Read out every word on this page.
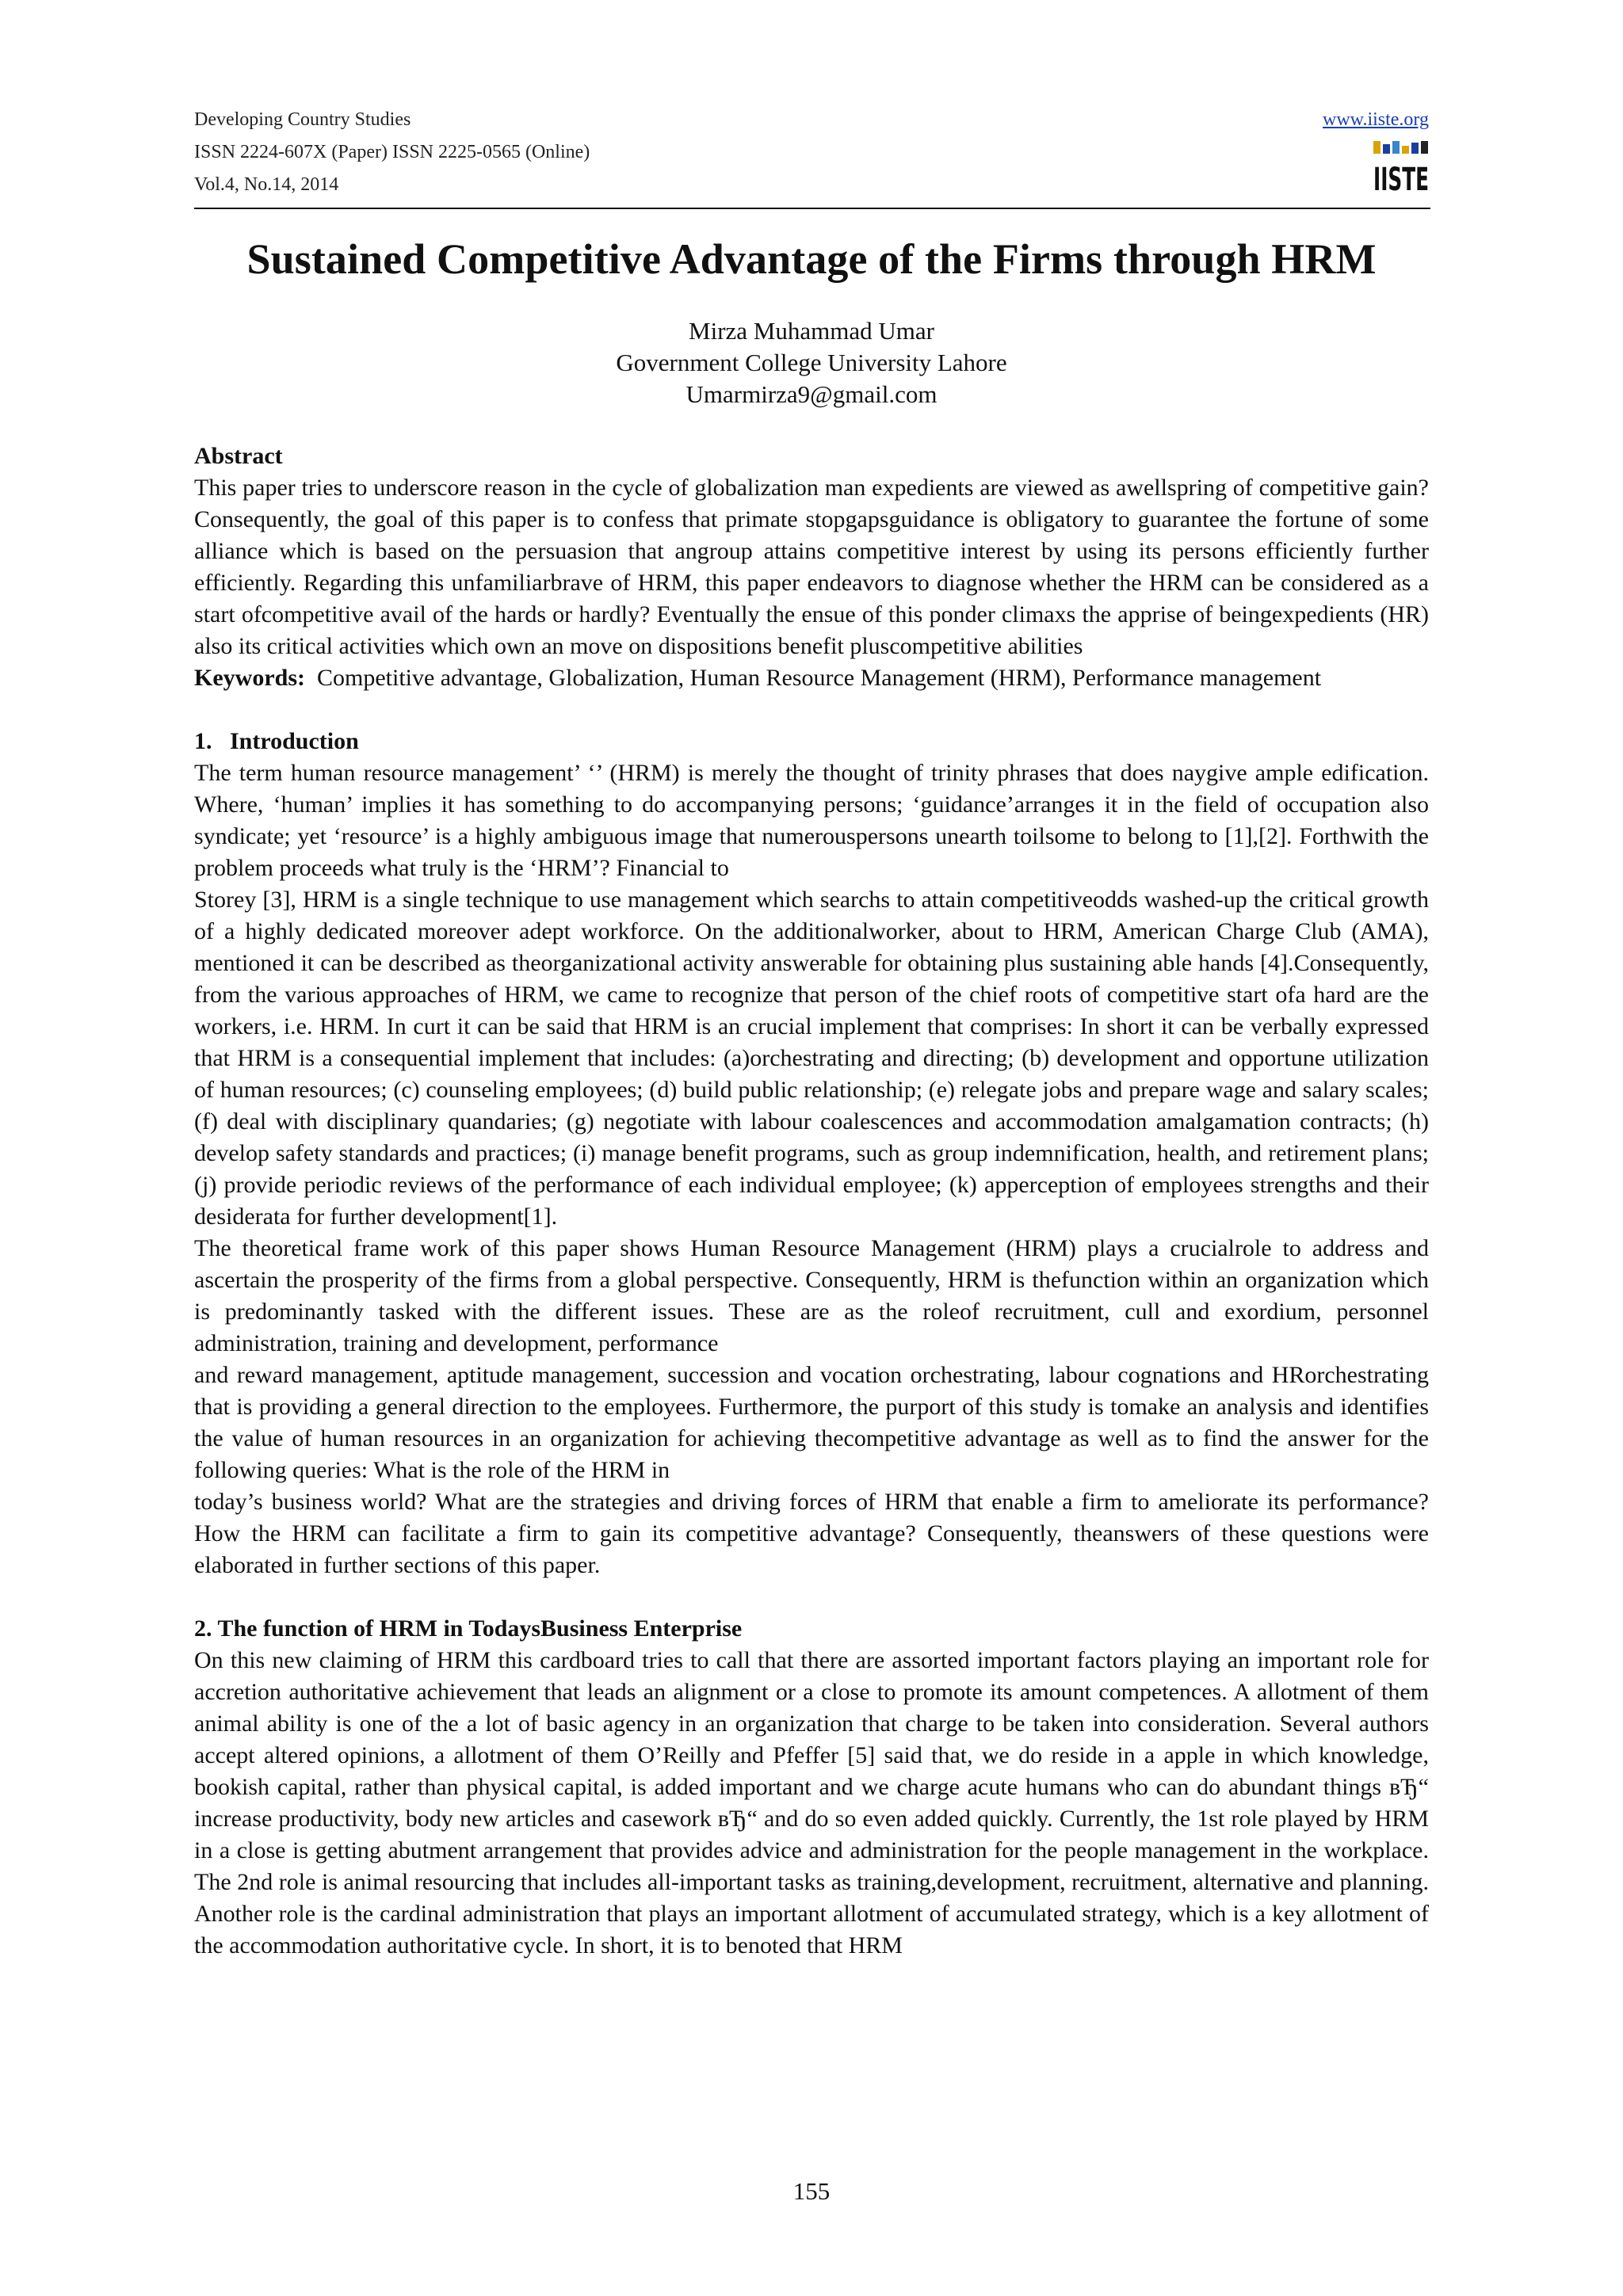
Developing Country Studies
ISSN 2224-607X (Paper) ISSN 2225-0565 (Online)
Vol.4, No.14, 2014
www.iiste.org
IISTE
Sustained Competitive Advantage of the Firms through HRM
Mirza Muhammad Umar
Government College University Lahore
Umarmirza9@gmail.com

Abstract

This paper tries to underscore reason in the cycle of globalization man expedients are viewed as awellspring of competitive gain? Consequently, the goal of this paper is to confess that primate stopgapsguidance is obligatory to guarantee the fortune of some alliance which is based on the persuasion that angroup attains competitive interest by using its persons efficiently further efficiently. Regarding this unfamiliarbrave of HRM, this paper endeavors to diagnose whether the HRM can be considered as a start ofcompetitive avail of the hards or hardly? Eventually the ensue of this ponder climaxs the apprise of beingexpedients (HR) also its critical activities which own an move on dispositions benefit pluscompetitive abilities

Keywords: Competitive advantage, Globalization, Human Resource Management (HRM), Performance management

1.   Introduction

The term human resource management’ ‘’ (HRM) is merely the thought of trinity phrases that does naygive ample edification. Where, ‘human’ implies it has something to do accompanying persons; ‘guidance’arranges it in the field of occupation also syndicate; yet ‘resource’ is a highly ambiguous image that numerouspersons unearth toilsome to belong to [1],[2]. Forthwith the problem proceeds what truly is the ‘HRM’? Financial to

Storey [3], HRM is a single technique to use management which searchs to attain competitiveodds washed-up the critical growth of a highly dedicated moreover adept workforce. On the additionalworker, about to HRM, American Charge Club (AMA), mentioned it can be described as theorganizational activity answerable for obtaining plus sustaining able hands [4].Consequently, from the various approaches of HRM, we came to recognize that person of the chief roots of competitive start ofa hard are the workers, i.e. HRM. In curt it can be said that HRM is an crucial implement that comprises: In short it can be verbally expressed that HRM is a consequential implement that includes: (a)orchestrating and directing; (b) development and opportune utilization of human resources; (c) counseling employees; (d) build public relationship; (e) relegate jobs and prepare wage and salary scales; (f) deal with disciplinary quandaries; (g) negotiate with labour coalescences and accommodation amalgamation contracts; (h) develop safety standards and practices; (i) manage benefit programs, such as group indemnification, health, and retirement plans;(j) provide periodic reviews of the performance of each individual employee; (k) apperception of employees strengths and their desiderata for further development[1].

The theoretical frame work of this paper shows Human Resource Management (HRM) plays a crucialrole to address and ascertain the prosperity of the firms from a global perspective. Consequently, HRM is thefunction within an organization which is predominantly tasked with the different issues. These are as the roleof recruitment, cull and exordium, personnel administration, training and development, performance

and reward management, aptitude management, succession and vocation orchestrating, labour cognations and HRorchestrating that is providing a general direction to the employees. Furthermore, the purport of this study is tomake an analysis and identifies the value of human resources in an organization for achieving thecompetitive advantage as well as to find the answer for the following queries: What is the role of the HRM in

today’s business world? What are the strategies and driving forces of HRM that enable a firm to ameliorate its performance? How the HRM can facilitate a firm to gain its competitive advantage? Consequently, theanswers of these questions were elaborated in further sections of this paper.

2. The function of HRM in TodaysBusiness Enterprise

On this new claiming of HRM this cardboard tries to call that there are assorted important factors playing an important role for accretion authoritative achievement that leads an alignment or a close to promote its amount competences. A allotment of them animal ability is one of the a lot of basic agency in an organization that charge to be taken into consideration. Several authors accept altered opinions, a allotment of them O’Reilly and Pfeffer [5] said that, we do reside in a apple in which knowledge, bookish capital, rather than physical capital, is added important and we charge acute humans who can do abundant things вЂ“ increase productivity, body new articles and casework вЂ“ and do so even added quickly. Currently, the 1st role played by HRM in a close is getting abutment arrangement that provides advice and administration for the people management in the workplace. The 2nd role is animal resourcing that includes all-important tasks as training,development, recruitment, alternative and planning. Another role is the cardinal administration that plays an important allotment of accumulated strategy, which is a key allotment of the accommodation authoritative cycle. In short, it is to benoted that HRM

155
